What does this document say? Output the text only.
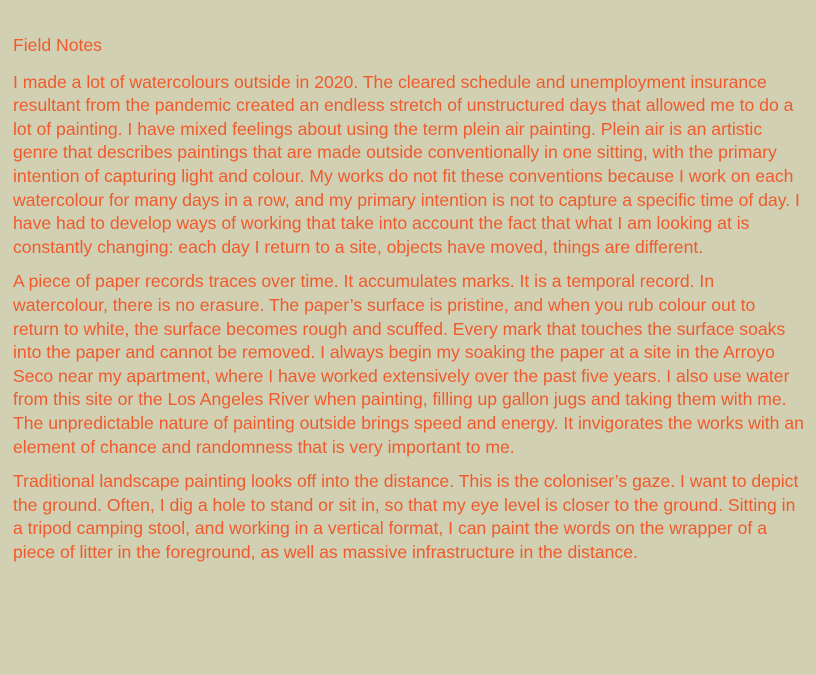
Field Notes

I made a lot of watercolours outside in 2020. The cleared schedule and unemployment insurance resultant from the pandemic created an endless stretch of unstructured days that allowed me to do a lot of painting. I have mixed feelings about using the term plein air painting. Plein air is an artistic genre that describes paintings that are made outside conventionally in one sitting, with the primary intention of capturing light and colour. My works do not fit these conventions because I work on each watercolour for many days in a row, and my primary intention is not to capture a specific time of day. I have had to develop ways of working that take into account the fact that what I am looking at is constantly changing: each day I return to a site, objects have moved, things are different.

A piece of paper records traces over time. It accumulates marks. It is a temporal record. In watercolour, there is no erasure. The paper’s surface is pristine, and when you rub colour out to return to white, the surface becomes rough and scuffed. Every mark that touches the surface soaks into the paper and cannot be removed. I always begin my soaking the paper at a site in the Arroyo Seco near my apartment, where I have worked extensively over the past five years. I also use water from this site or the Los Angeles River when painting, filling up gallon jugs and taking them with me. The unpredictable nature of painting outside brings speed and energy. It invigorates the works with an element of chance and randomness that is very important to me.

Traditional landscape painting looks off into the distance. This is the coloniser’s gaze. I want to depict the ground. Often, I dig a hole to stand or sit in, so that my eye level is closer to the ground. Sitting in a tripod camping stool, and working in a vertical format, I can paint the words on the wrapper of a piece of litter in the foreground, as well as massive infrastructure in the distance.
